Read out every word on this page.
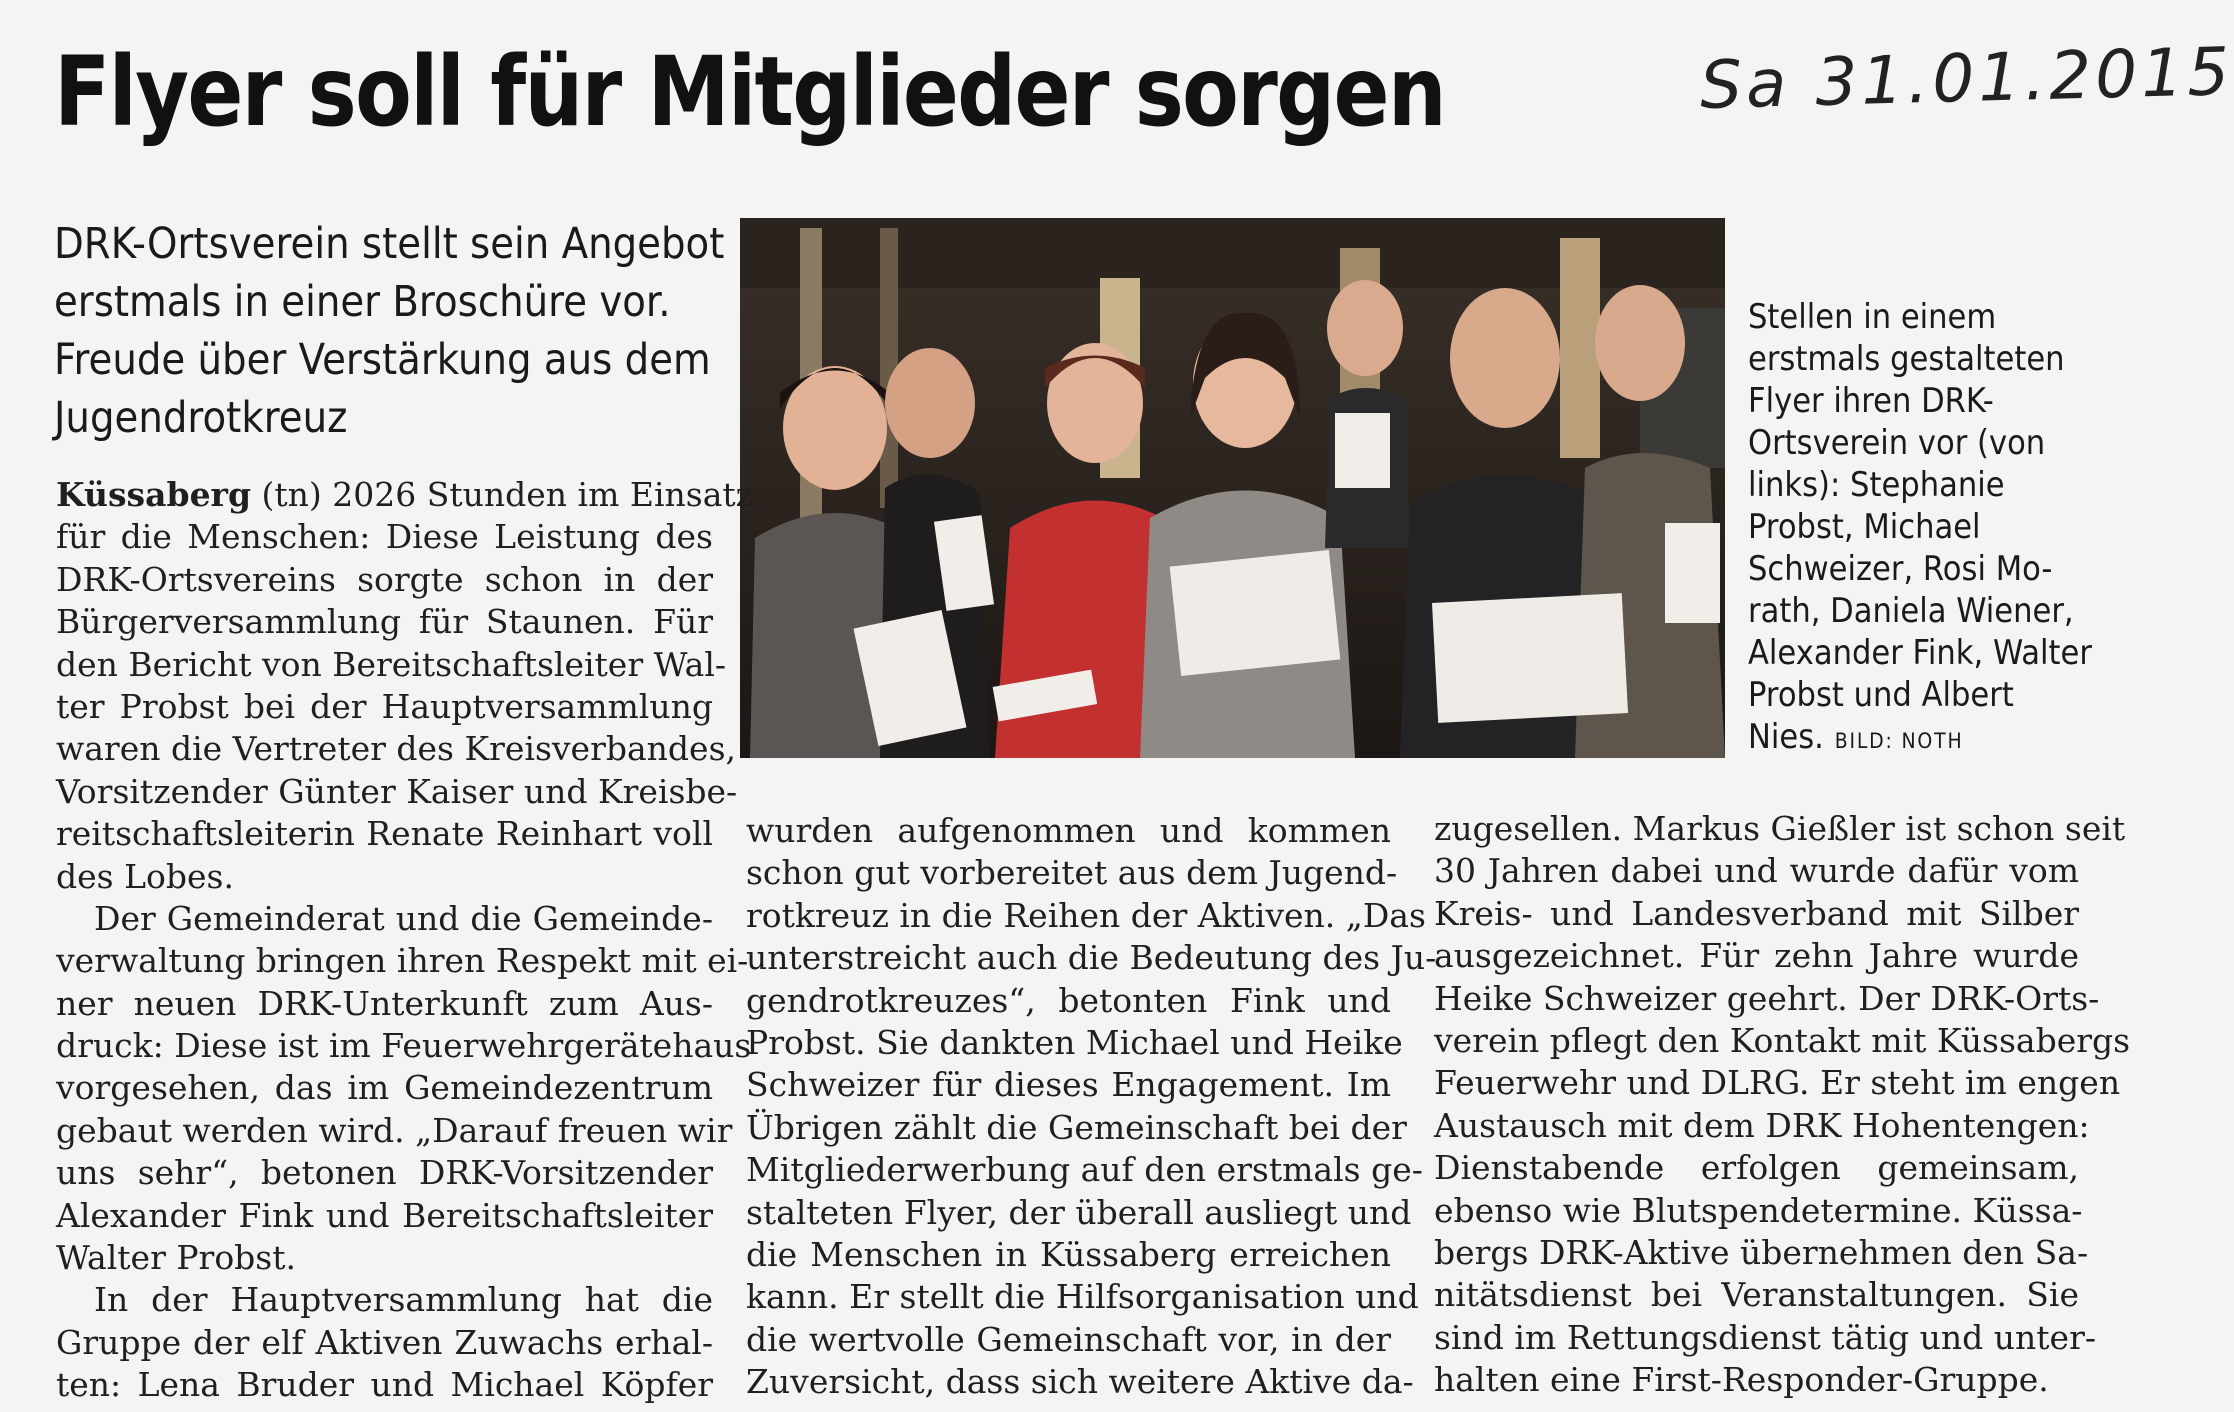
Flyer soll für Mitglieder sorgen	Sa 31.01.2015
DRK-Ortsverein stellt sein Angebot
erstmals in einer Broschüre vor.
Freude über Verstärkung aus dem
Jugendrotkreuz
Stellen in einem
erstmals gestalteten
Flyer ihren DRK-
Ortsverein vor (von
links): Stephanie
Probst, Michael
Schweizer, Rosi Mo-
rath, Daniela Wiener,
Alexander Fink, Walter
Probst und Albert
Nies. BILD: NOTH
Küssaberg (tn) 2026 Stunden im Einsatz
für die Menschen: Diese Leistung des
DRK-Ortsvereins sorgte schon in der
Bürgerversammlung für Staunen. Für
den Bericht von Bereitschaftsleiter Wal-
ter Probst bei der Hauptversammlung
waren die Vertreter des Kreisverbandes,
Vorsitzender Günter Kaiser und Kreisbe-
reitschaftsleiterin Renate Reinhart voll
des Lobes.
Der Gemeinderat und die Gemeinde-
verwaltung bringen ihren Respekt mit ei-
ner neuen DRK-Unterkunft zum Aus-
druck: Diese ist im Feuerwehrgerätehaus
vorgesehen, das im Gemeindezentrum
gebaut werden wird. „Darauf freuen wir
uns sehr“, betonen DRK-Vorsitzender
Alexander Fink und Bereitschaftsleiter
Walter Probst.
In der Hauptversammlung hat die
Gruppe der elf Aktiven Zuwachs erhal-
ten: Lena Bruder und Michael Köpfer
wurden aufgenommen und kommen
schon gut vorbereitet aus dem Jugend-
rotkreuz in die Reihen der Aktiven. „Das
unterstreicht auch die Bedeutung des Ju-
gendrotkreuzes“, betonten Fink und
Probst. Sie dankten Michael und Heike
Schweizer für dieses Engagement. Im
Übrigen zählt die Gemeinschaft bei der
Mitgliederwerbung auf den erstmals ge-
stalteten Flyer, der überall ausliegt und
die Menschen in Küssaberg erreichen
kann. Er stellt die Hilfsorganisation und
die wertvolle Gemeinschaft vor, in der
Zuversicht, dass sich weitere Aktive da-
zugesellen. Markus Gießler ist schon seit
30 Jahren dabei und wurde dafür vom
Kreis- und Landesverband mit Silber
ausgezeichnet. Für zehn Jahre wurde
Heike Schweizer geehrt. Der DRK-Orts-
verein pflegt den Kontakt mit Küssabergs
Feuerwehr und DLRG. Er steht im engen
Austausch mit dem DRK Hohentengen:
Dienstabende erfolgen gemeinsam,
ebenso wie Blutspendetermine. Küssa-
bergs DRK-Aktive übernehmen den Sa-
nitätsdienst bei Veranstaltungen. Sie
sind im Rettungsdienst tätig und unter-
halten eine First-Responder-Gruppe.
